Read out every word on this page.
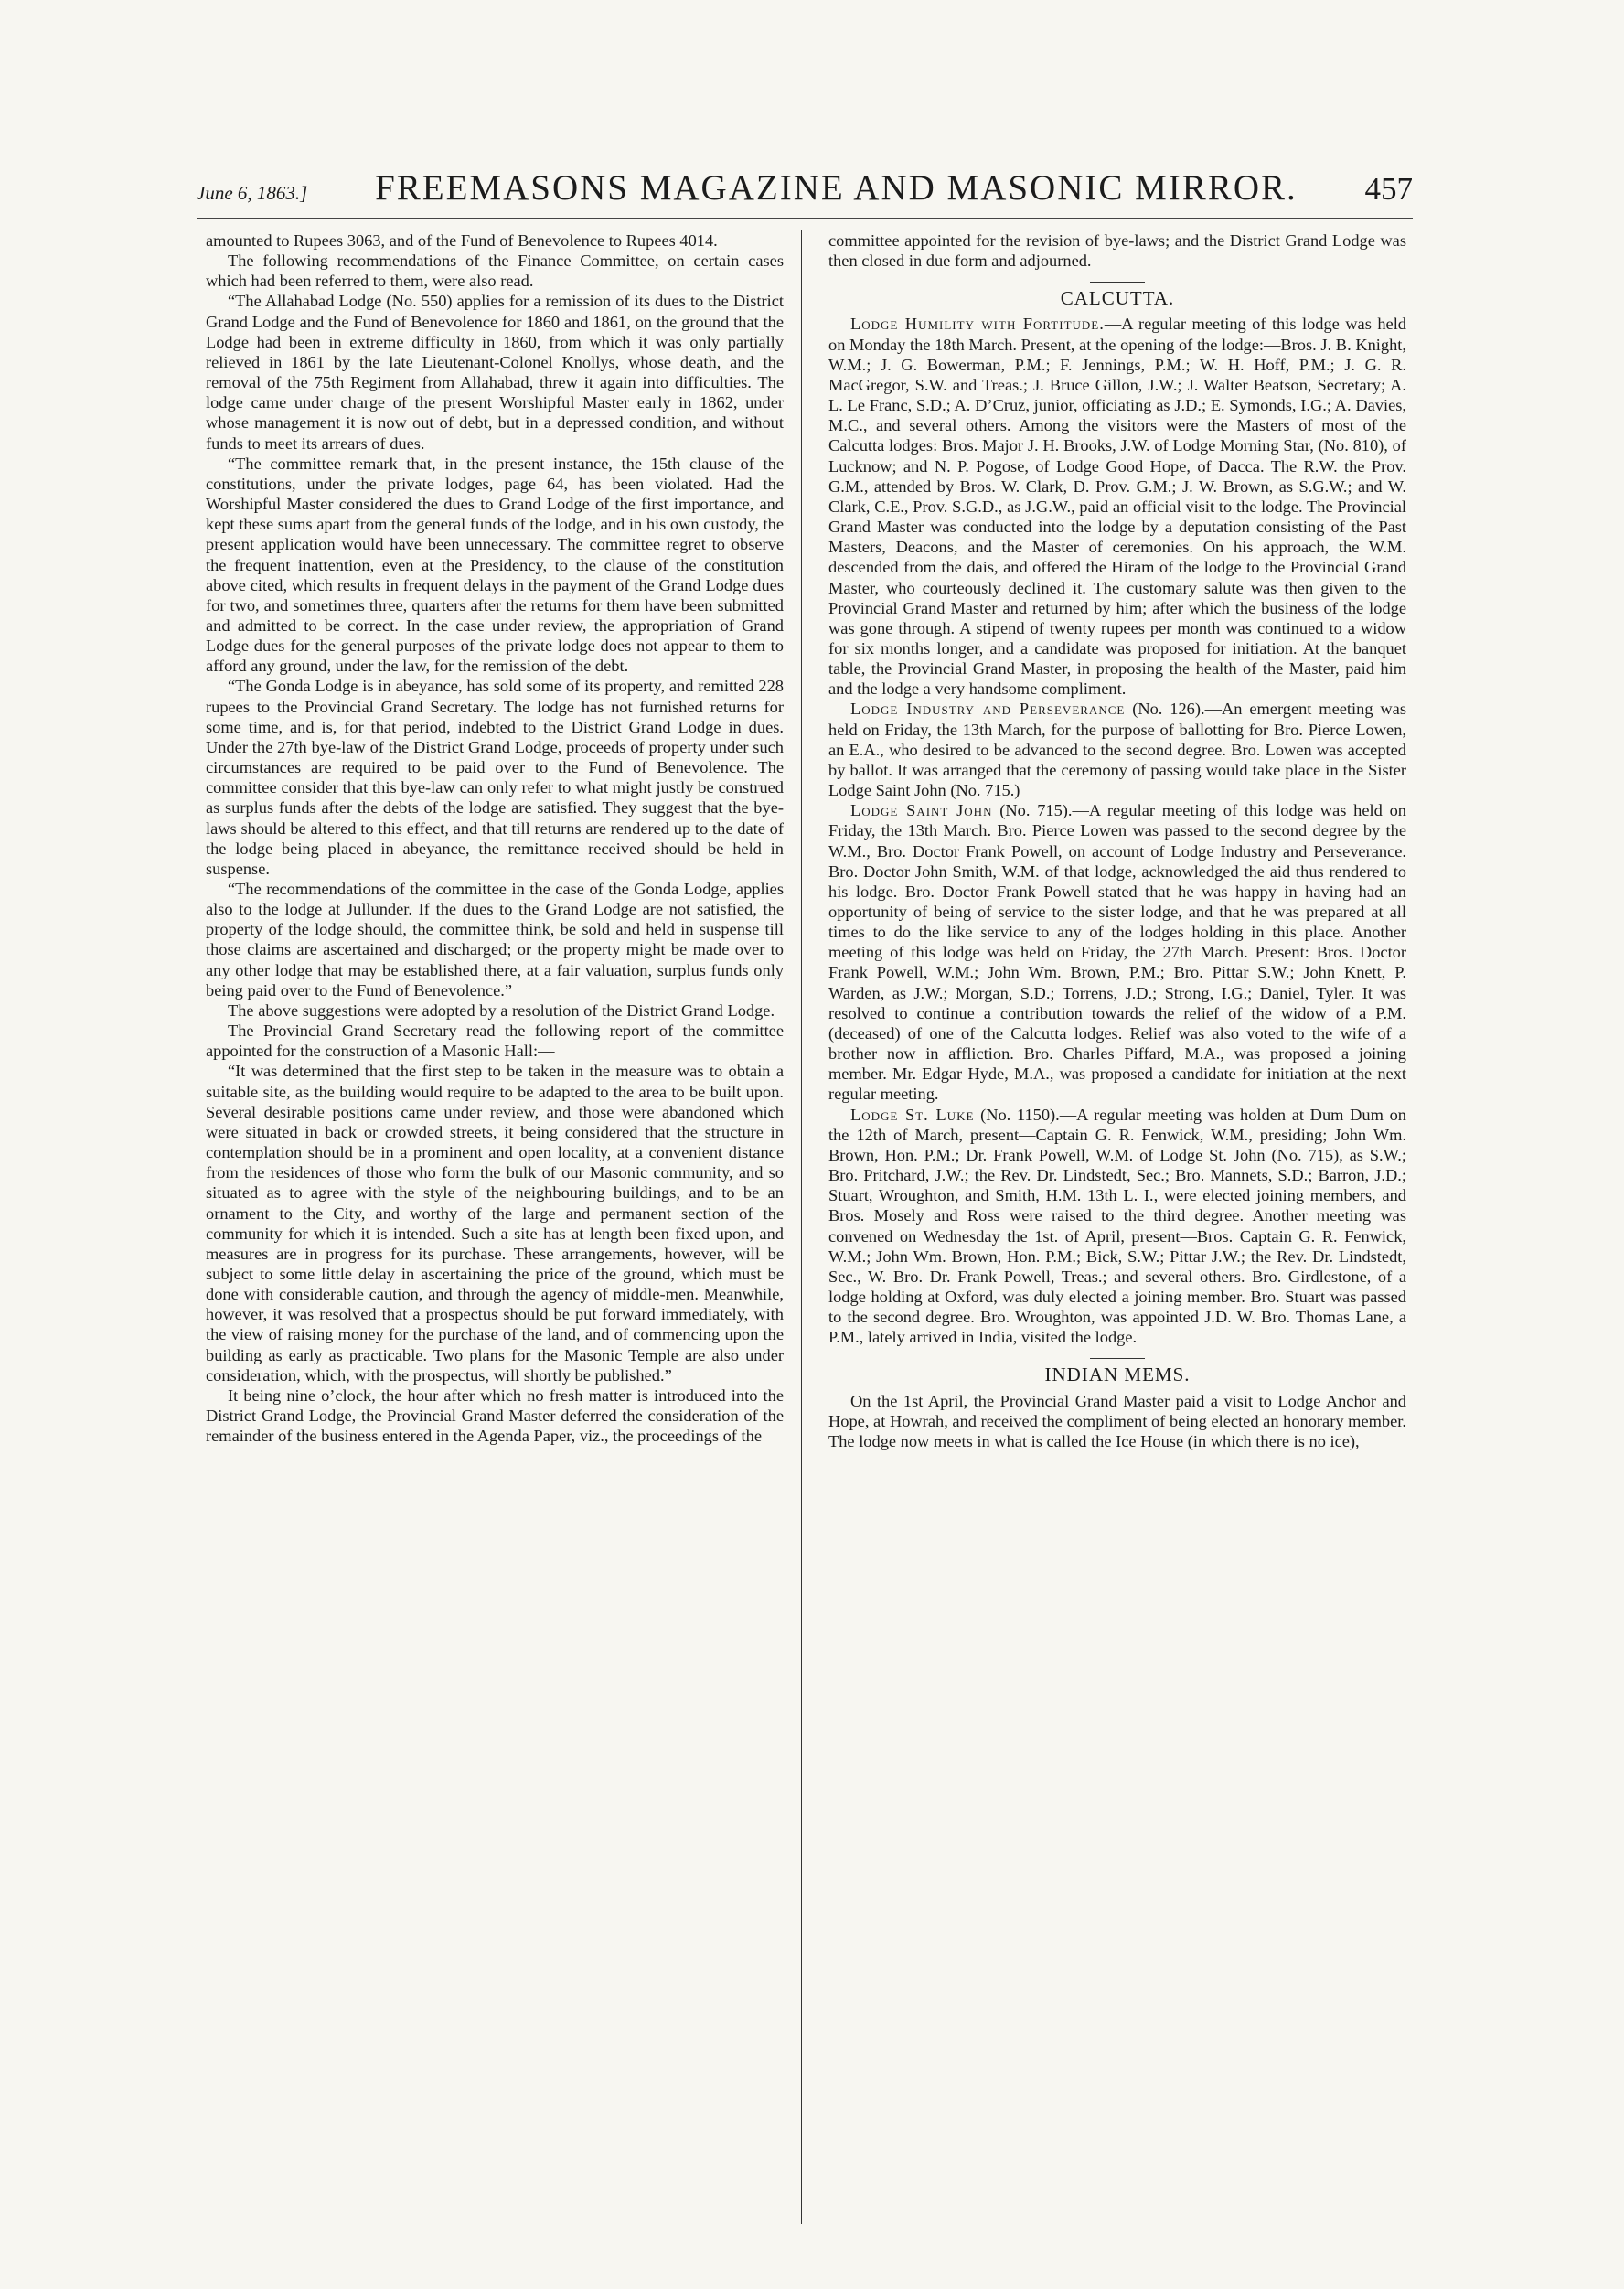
June 6, 1863.] FREEMASONS MAGAZINE AND MASONIC MIRROR. 457

amounted to Rupees 3063, and of the Fund of Benevolence to Rupees 4014.

The following recommendations of the Finance Committee, on certain cases which had been referred to them, were also read.

“The Allahabad Lodge (No. 550) applies for a remission of its dues to the District Grand Lodge and the Fund of Benevolence for 1860 and 1861, on the ground that the Lodge had been in extreme difficulty in 1860, from which it was only partially relieved in 1861 by the late Lieutenant-Colonel Knollys, whose death, and the removal of the 75th Regiment from Allahabad, threw it again into difficulties. The lodge came under charge of the present Worshipful Master early in 1862, under whose management it is now out of debt, but in a depressed condition, and without funds to meet its arrears of dues.

“The committee remark that, in the present instance, the 15th clause of the constitutions, under the private lodges, page 64, has been violated. Had the Worshipful Master considered the dues to Grand Lodge of the first importance, and kept these sums apart from the general funds of the lodge, and in his own custody, the present application would have been unnecessary. The committee regret to observe the frequent inattention, even at the Presidency, to the clause of the constitution above cited, which results in frequent delays in the payment of the Grand Lodge dues for two, and sometimes three, quarters after the returns for them have been submitted and admitted to be correct. In the case under review, the appropriation of Grand Lodge dues for the general purposes of the private lodge does not appear to them to afford any ground, under the law, for the remission of the debt.

“The Gonda Lodge is in abeyance, has sold some of its property, and remitted 228 rupees to the Provincial Grand Secretary. The lodge has not furnished returns for some time, and is, for that period, indebted to the District Grand Lodge in dues. Under the 27th bye-law of the District Grand Lodge, proceeds of property under such circumstances are required to be paid over to the Fund of Benevolence. The committee consider that this bye-law can only refer to what might justly be construed as surplus funds after the debts of the lodge are satisfied. They suggest that the bye-laws should be altered to this effect, and that till returns are rendered up to the date of the lodge being placed in abeyance, the remittance received should be held in suspense.

“The recommendations of the committee in the case of the Gonda Lodge, applies also to the lodge at Jullunder. If the dues to the Grand Lodge are not satisfied, the property of the lodge should, the committee think, be sold and held in suspense till those claims are ascertained and discharged; or the property might be made over to any other lodge that may be established there, at a fair valuation, surplus funds only being paid over to the Fund of Benevolence.”

The above suggestions were adopted by a resolution of the District Grand Lodge.

The Provincial Grand Secretary read the following report of the committee appointed for the construction of a Masonic Hall:—

“It was determined that the first step to be taken in the measure was to obtain a suitable site, as the building would require to be adapted to the area to be built upon. Several desirable positions came under review, and those were abandoned which were situated in back or crowded streets, it being considered that the structure in contemplation should be in a prominent and open locality, at a convenient distance from the residences of those who form the bulk of our Masonic community, and so situated as to agree with the style of the neighbouring buildings, and to be an ornament to the City, and worthy of the large and permanent section of the community for which it is intended. Such a site has at length been fixed upon, and measures are in progress for its purchase. These arrangements, however, will be subject to some little delay in ascertaining the price of the ground, which must be done with considerable caution, and through the agency of middle-men. Meanwhile, however, it was resolved that a prospectus should be put forward immediately, with the view of raising money for the purchase of the land, and of commencing upon the building as early as practicable. Two plans for the Masonic Temple are also under consideration, which, with the prospectus, will shortly be published.”

It being nine o’clock, the hour after which no fresh matter is introduced into the District Grand Lodge, the Provincial Grand Master deferred the consideration of the remainder of the business entered in the Agenda Paper, viz., the proceedings of the

committee appointed for the revision of bye-laws; and the District Grand Lodge was then closed in due form and adjourned.

CALCUTTA.

Lodge Humility with Fortitude.—A regular meeting of this lodge was held on Monday the 18th March. Present, at the opening of the lodge:—Bros. J. B. Knight, W.M.; J. G. Bowerman, P.M.; F. Jennings, P.M.; W. H. Hoff, P.M.; J. G. R. MacGregor, S.W. and Treas.; J. Bruce Gillon, J.W.; J. Walter Beatson, Secretary; A. L. Le Franc, S.D.; A. D’Cruz, junior, officiating as J.D.; E. Symonds, I.G.; A. Davies, M.C., and several others. Among the visitors were the Masters of most of the Calcutta lodges: Bros. Major J. H. Brooks, J.W. of Lodge Morning Star, (No. 810), of Lucknow; and N. P. Pogose, of Lodge Good Hope, of Dacca. The R.W. the Prov. G.M., attended by Bros. W. Clark, D. Prov. G.M.; J. W. Brown, as S.G.W.; and W. Clark, C.E., Prov. S.G.D., as J.G.W., paid an official visit to the lodge. The Provincial Grand Master was conducted into the lodge by a deputation consisting of the Past Masters, Deacons, and the Master of ceremonies. On his approach, the W.M. descended from the dais, and offered the Hiram of the lodge to the Provincial Grand Master, who courteously declined it. The customary salute was then given to the Provincial Grand Master and returned by him; after which the business of the lodge was gone through. A stipend of twenty rupees per month was continued to a widow for six months longer, and a candidate was proposed for initiation. At the banquet table, the Provincial Grand Master, in proposing the health of the Master, paid him and the lodge a very handsome compliment.

Lodge Industry and Perseverance (No. 126).—An emergent meeting was held on Friday, the 13th March, for the purpose of ballotting for Bro. Pierce Lowen, an E.A., who desired to be advanced to the second degree. Bro. Lowen was accepted by ballot. It was arranged that the ceremony of passing would take place in the Sister Lodge Saint John (No. 715.)

Lodge Saint John (No. 715).—A regular meeting of this lodge was held on Friday, the 13th March. Bro. Pierce Lowen was passed to the second degree by the W.M., Bro. Doctor Frank Powell, on account of Lodge Industry and Perseverance. Bro. Doctor John Smith, W.M. of that lodge, acknowledged the aid thus rendered to his lodge. Bro. Doctor Frank Powell stated that he was happy in having had an opportunity of being of service to the sister lodge, and that he was prepared at all times to do the like service to any of the lodges holding in this place. Another meeting of this lodge was held on Friday, the 27th March. Present: Bros. Doctor Frank Powell, W.M.; John Wm. Brown, P.M.; Bro. Pittar S.W.; John Knett, P. Warden, as J.W.; Morgan, S.D.; Torrens, J.D.; Strong, I.G.; Daniel, Tyler. It was resolved to continue a contribution towards the relief of the widow of a P.M. (deceased) of one of the Calcutta lodges. Relief was also voted to the wife of a brother now in affliction. Bro. Charles Piffard, M.A., was proposed a joining member. Mr. Edgar Hyde, M.A., was proposed a candidate for initiation at the next regular meeting.

Lodge St. Luke (No. 1150).—A regular meeting was holden at Dum Dum on the 12th of March, present—Captain G. R. Fenwick, W.M., presiding; John Wm. Brown, Hon. P.M.; Dr. Frank Powell, W.M. of Lodge St. John (No. 715), as S.W.; Bro. Pritchard, J.W.; the Rev. Dr. Lindstedt, Sec.; Bro. Mannets, S.D.; Barron, J.D.; Stuart, Wroughton, and Smith, H.M. 13th L. I., were elected joining members, and Bros. Mosely and Ross were raised to the third degree. Another meeting was convened on Wednesday the 1st. of April, present—Bros. Captain G. R. Fenwick, W.M.; John Wm. Brown, Hon. P.M.; Bick, S.W.; Pittar J.W.; the Rev. Dr. Lindstedt, Sec., W. Bro. Dr. Frank Powell, Treas.; and several others. Bro. Girdlestone, of a lodge holding at Oxford, was duly elected a joining member. Bro. Stuart was passed to the second degree. Bro. Wroughton, was appointed J.D. W. Bro. Thomas Lane, a P.M., lately arrived in India, visited the lodge.

INDIAN MEMS.

On the 1st April, the Provincial Grand Master paid a visit to Lodge Anchor and Hope, at Howrah, and received the compliment of being elected an honorary member. The lodge now meets in what is called the Ice House (in which there is no ice),
